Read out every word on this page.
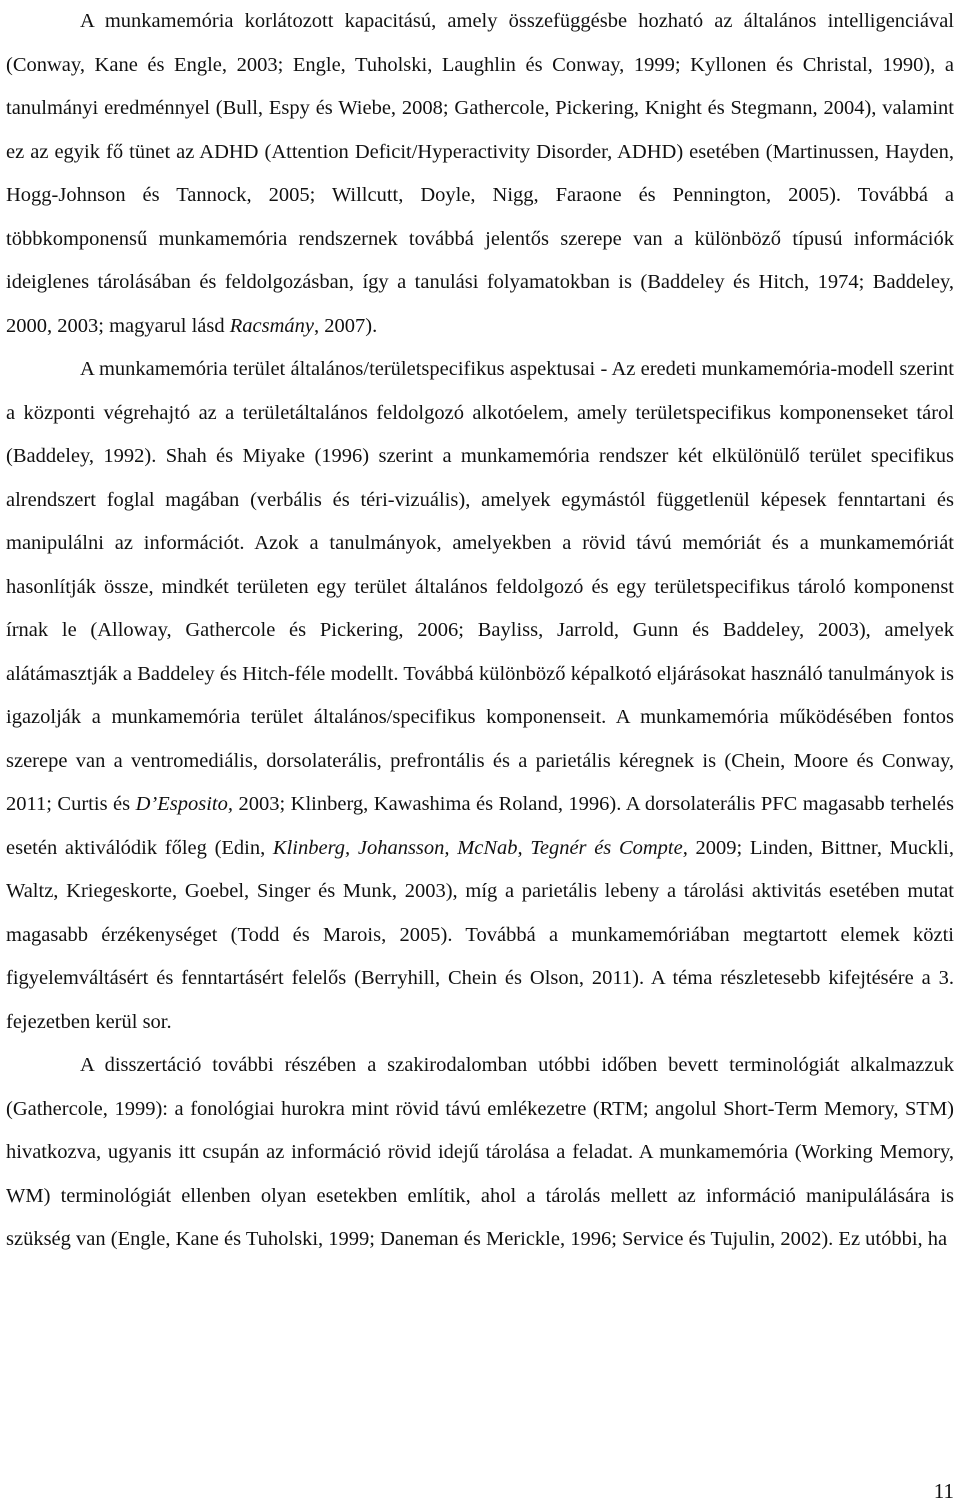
A munkamemória korlátozott kapacitású, amely összefüggésbe hozható az általános intelligenciával (Conway, Kane és Engle, 2003; Engle, Tuholski, Laughlin és Conway, 1999; Kyllonen és Christal, 1990), a tanulmányi eredménnyel (Bull, Espy és Wiebe, 2008; Gathercole, Pickering, Knight és Stegmann, 2004), valamint ez az egyik fő tünet az ADHD (Attention Deficit/Hyperactivity Disorder, ADHD) esetében (Martinussen, Hayden, Hogg-Johnson és Tannock, 2005; Willcutt, Doyle, Nigg, Faraone és Pennington, 2005). Továbbá a többkomponensű munkamemória rendszernek továbbá jelentős szerepe van a különböző típusú információk ideiglenes tárolásában és feldolgozásban, így a tanulási folyamatokban is (Baddeley és Hitch, 1974; Baddeley, 2000, 2003; magyarul lásd Racsmány, 2007).

A munkamemória terület általános/területspecifikus aspektusai - Az eredeti munkamemória-modell szerint a központi végrehajtó az a területáltalános feldolgozó alkotóelem, amely területspecifikus komponenseket tárol (Baddeley, 1992). Shah és Miyake (1996) szerint a munkamemória rendszer két elkülönülő terület specifikus alrendszert foglal magában (verbális és téri-vizuális), amelyek egymástól függetlenül képesek fenntartani és manipulálni az információt. Azok a tanulmányok, amelyekben a rövid távú memóriát és a munkamemóriát hasonlítják össze, mindkét területen egy terület általános feldolgozó és egy területspecifikus tároló komponenst írnak le (Alloway, Gathercole és Pickering, 2006; Bayliss, Jarrold, Gunn és Baddeley, 2003), amelyek alátámasztják a Baddeley és Hitch-féle modellt. Továbbá különböző képalkotó eljárásokat használó tanulmányok is igazolják a munkamemória terület általános/specifikus komponenseit. A munkamemória működésében fontos szerepe van a ventromediális, dorsolaterális, prefrontális és a parietális kéregnek is (Chein, Moore és Conway, 2011; Curtis és D’Esposito, 2003; Klinberg, Kawashima és Roland, 1996). A dorsolaterális PFC magasabb terhelés esetén aktiválódik főleg (Edin, Klinberg, Johansson, McNab, Tegnér és Compte, 2009; Linden, Bittner, Muckli, Waltz, Kriegeskorte, Goebel, Singer és Munk, 2003), míg a parietális lebeny a tárolási aktivitás esetében mutat magasabb érzékenységet (Todd és Marois, 2005). Továbbá a munkamemóriában megtartott elemek közti figyelemváltásért és fenntartásért felelős (Berryhill, Chein és Olson, 2011). A téma részletesebb kifejtésére a 3. fejezetben kerül sor.

A disszertáció további részében a szakirodalomban utóbbi időben bevett terminológiát alkalmazzuk (Gathercole, 1999): a fonológiai hurokra mint rövid távú emlékezetre (RTM; angolul Short-Term Memory, STM) hivatkozva, ugyanis itt csupán az információ rövid idejű tárolása a feladat. A munkamemória (Working Memory, WM) terminológiát ellenben olyan esetekben említik, ahol a tárolás mellett az információ manipulálására is szükség van (Engle, Kane és Tuholski, 1999; Daneman és Merickle, 1996; Service és Tujulin, 2002). Ez utóbbi, ha

11
